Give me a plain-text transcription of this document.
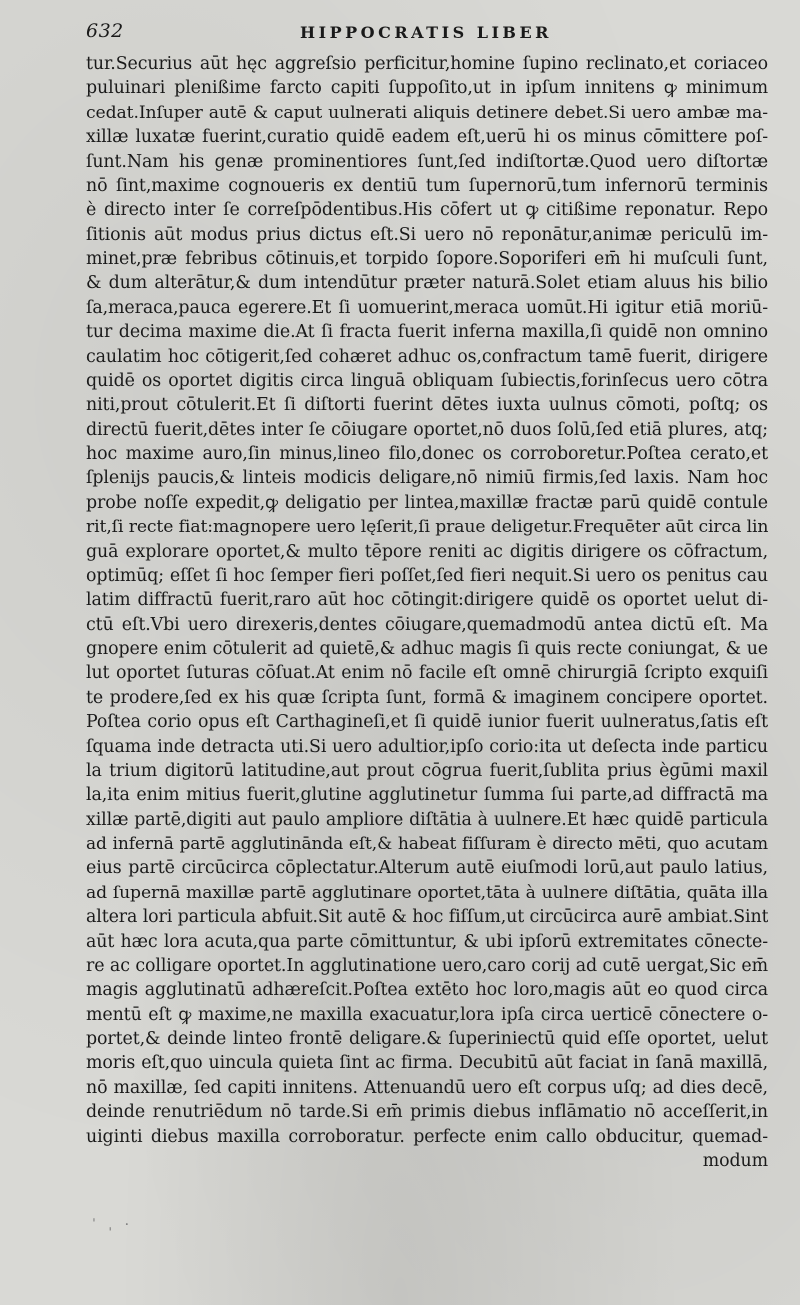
632	HIPPOCRATIS LIBER
tur.Securius aūt hęc aggreſsio perficitur,homine ſupino reclinato,et coriaceo
puluinari plenißime farcto capiti ſuppoſito,ut in ipſum innitens ꝙ minimum
cedat.Inſuper autē & caput uulnerati aliquis detinere debet.Si uero ambæ ma-
xillæ luxatæ fuerint,curatio quidē eadem eſt,uerū hi os minus cōmittere poſ-
ſunt.Nam his genæ prominentiores ſunt,ſed indiſtortæ.Quod uero diſtortæ
nō ſint,maxime cognoueris ex dentiū tum ſupernorū,tum infernorū terminis
è directo inter ſe correſpōdentibus.His cōfert ut ꝙ citißime reponatur. Repo
ſitionis aūt modus prius dictus eſt.Si uero nō reponātur,animæ periculū im-
minet,præ febribus cōtinuis,et torpido ſopore.Soporiferi em̄ hi muſculi ſunt,
& dum alterātur,& dum intendūtur præter naturā.Solet etiam aluus his bilio
ſa,meraca,pauca egerere.Et ſi uomuerint,meraca uomūt.Hi igitur etiā moriū-
tur decima maxime die.At ſi fracta fuerit inferna maxilla,ſi quidē non omnino
caulatim hoc cōtigerit,ſed cohæret adhuc os,confractum tamē fuerit, dirigere
quidē os oportet digitis circa linguā obliquam ſubiectis,forinſecus uero cōtra
niti,prout cōtulerit.Et ſi diſtorti fuerint dētes iuxta uulnus cōmoti, poſtq; os
directū fuerit,dētes inter ſe cōiugare oportet,nō duos ſolū,ſed etiā plures, atq;
hoc maxime auro,ſin minus,lineo filo,donec os corroboretur.Poſtea cerato,et
ſplenijs paucis,& linteis modicis deligare,nō nimiū firmis,ſed laxis. Nam hoc
probe noſſe expedit,ꝙ deligatio per lintea,maxillæ fractæ parū quidē contule
rit,ſi recte fiat:magnopere uero lęſerit,ſi praue deligetur.Frequēter aūt circa lin
guā explorare oportet,& multo tēpore reniti ac digitis dirigere os cōfractum,
optimūq; eſſet ſi hoc ſemper fieri poſſet,ſed fieri nequit.Si uero os penitus cau
latim diffractū fuerit,raro aūt hoc cōtingit:dirigere quidē os oportet uelut di-
ctū eſt.Vbi uero direxeris,dentes cōiugare,quemadmodū antea dictū eſt. Ma
gnopere enim cōtulerit ad quietē,& adhuc magis ſi quis recte coniungat, & ue
lut oportet ſuturas cōſuat.At enim nō facile eſt omnē chirurgiā ſcripto exquiſi
te prodere,ſed ex his quæ ſcripta ſunt, formā & imaginem concipere oportet.
Poſtea corio opus eſt Carthagineſi,et ſi quidē iunior fuerit uulneratus,ſatis eſt
ſquama inde detracta uti.Si uero adultior,ipſo corio:ita ut deſecta inde particu
la trium digitorū latitudine,aut prout cōgrua fuerit,ſublita prius ègūmi maxil
la,ita enim mitius fuerit,glutine agglutinetur ſumma ſui parte,ad diffractā ma
xillæ partē,digiti aut paulo ampliore diſtātia à uulnere.Et hæc quidē particula
ad infernā partē agglutinānda eſt,& habeat fiſſuram è directo mēti, quo acutam
eius partē circūcirca cōplectatur.Alterum autē eiuſmodi lorū,aut paulo latius,
ad ſupernā maxillæ partē agglutinare oportet,tāta à uulnere diſtātia, quāta illa
altera lori particula abfuit.Sit autē & hoc fiſſum,ut circūcirca aurē ambiat.Sint
aūt hæc lora acuta,qua parte cōmittuntur, & ubi ipſorū extremitates cōnecte-
re ac colligare oportet.In agglutinatione uero,caro corij ad cutē uergat,Sic em̄
magis agglutinatū adhæreſcit.Poſtea extēto hoc loro,magis aūt eo quod circa
mentū eſt ꝙ maxime,ne maxilla exacuatur,lora ipſa circa uerticē cōnectere o-
portet,& deinde linteo frontē deligare.& ſuperiniectū quid eſſe oportet, uelut
moris eſt,quo uincula quieta ſint ac firma. Decubitū aūt faciat in ſanā maxillā,
nō maxillæ, ſed capiti innitens. Attenuandū uero eſt corpus uſq; ad dies decē,
deinde renutriēdum nō tarde.Si em̄ primis diebus inflāmatio nō acceſſerit,in
uiginti diebus maxilla corroboratur. perfecte enim callo obducitur, quemad-
modum
ˈ ˌ ·
